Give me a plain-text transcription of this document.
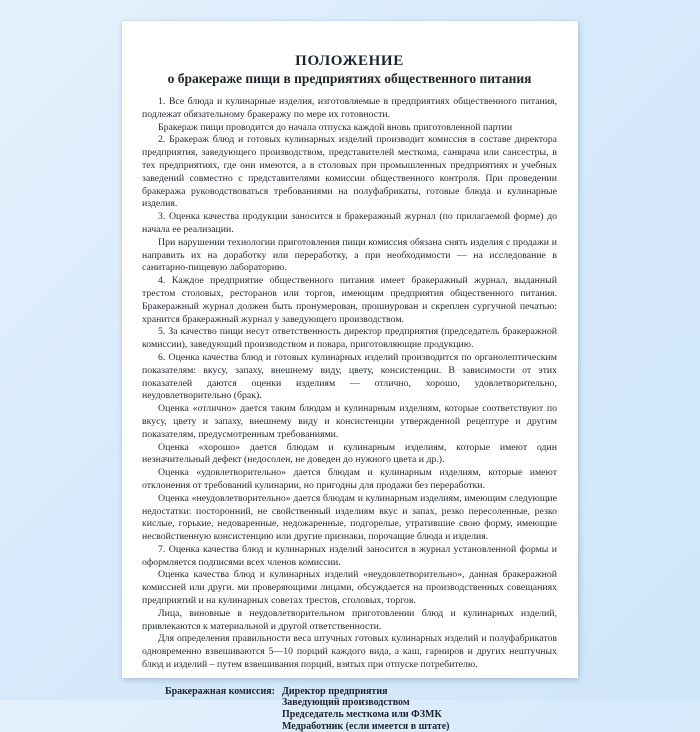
ПОЛОЖЕНИЕ
о бракераже пищи в предприятиях общественного питания

1. Все блюда и кулинарные изделия, изготовляемые в предприятиях общественного питания, подлежат обязательному бракеражу по мере их готовности.

Бракераж пищи проводится до начала отпуска каждой вновь приготовленной партии

2. Бракераж блюд и готовых кулинарных изделий производит комиссия в составе директора предприятия, заведующего производством, представителей месткома, санврача или сансестры, в тех предприятиях, где они имеются, а в столовых при промышленных предприятиях и учебных заведений совместно с представителями комиссии общественного контроля. При проведении бракеража руководствоваться требованиями на полуфабрикаты, готовые блюда и кулинарные изделия.

3. Оценка качества продукции заносится в бракеражный журнал (по прилагаемой форме) до начала ее реализации.

При нарушении технологии приготовления пищи комиссия обязана снять изделия с продажи и направить их на доработку или переработку, а при необходимости — на исследование в санитарно-пищевую лабораторию.

4. Каждое предприятие общественного питания имеет бракеражный журнал, выданный трестом столовых, ресторанов или торгов, имеющим предприятия общественного питания. Бракеражный журнал должен быть пронумерован, прошнурован и скреплен сургучной печатью: хранится бракеражный журнал у заведующего производством.

5. За качество пищи несут ответственность директор предприятия (председатель бракеражной комиссии), заведующий производством и повара, приготовляющие продукцию.

6. Оценка качества блюд и готовых кулинарных изделий производится по органолептическим показателям: вкусу, запаху, внешнему виду, цвету, консистенции. В зависимости от этих показателей даются оценки изделиям — отлично, хорошо, удовлетворительно, неудовлетворительно (брак).

Оценка «отлично» дается таким блюдам и кулинарным изделиям, которые соответствуют по вкусу, цвету и запаху, внешнему виду и консистенции утвержденной рецептуре и другим показателям, предусмотренным требованиями.

Оценка «хорошо» дается блюдам и кулинарным изделиям, которые имеют один незначительный дефект (недосолен, не доведен до нужного цвета и др.).

Оценка «удовлетворительно» дается блюдам и кулинарным изделиям, которые имеют отклонения от требований кулинарии, но пригодны для продажи без переработки.

Оценка «неудовлетворительно» дается блюдам и кулинарным изделиям, имеющим следующие недостатки: посторонний, не свойственный изделиям вкус и запах, резко пересоленные, резко кислые, горькие, недоваренные, недожаренные, подгорелые, утратившие свою форму, имеющие несвойственную консистенцию или другие признаки, порочащие блюда и изделия.

7. Оценка качества блюд и кулинарных изделий заносится в журнал установленной формы и оформляется подписями всех членов комиссии.

Оценка качества блюд и кулинарных изделий «неудовлетворительно», данная бракеражной комиссией или други. ми проверяющими лицами, обсуждается на производственных совещаниях предприятий и на кулинарных советах трестов, столовых, торгов.

Лица, виновные в неудовлетворительном приготовлении блюд и кулинарных изделий, привлекаются к материальной и другой ответственности.

Для определения правильности веса штучных готовых кулинарных изделий и полуфабрикатов одновременно взвешиваются 5—10 порций каждого вида, а каш, гарниров и других нештучных блюд и изделий – путем взвешивания порций, взятых при отпуске потребителю.

Бракеражная комиссия: Директор предприятия
Заведующий производством
Председатель месткома или ФЗМК
Медработник (если имеется в штате)
